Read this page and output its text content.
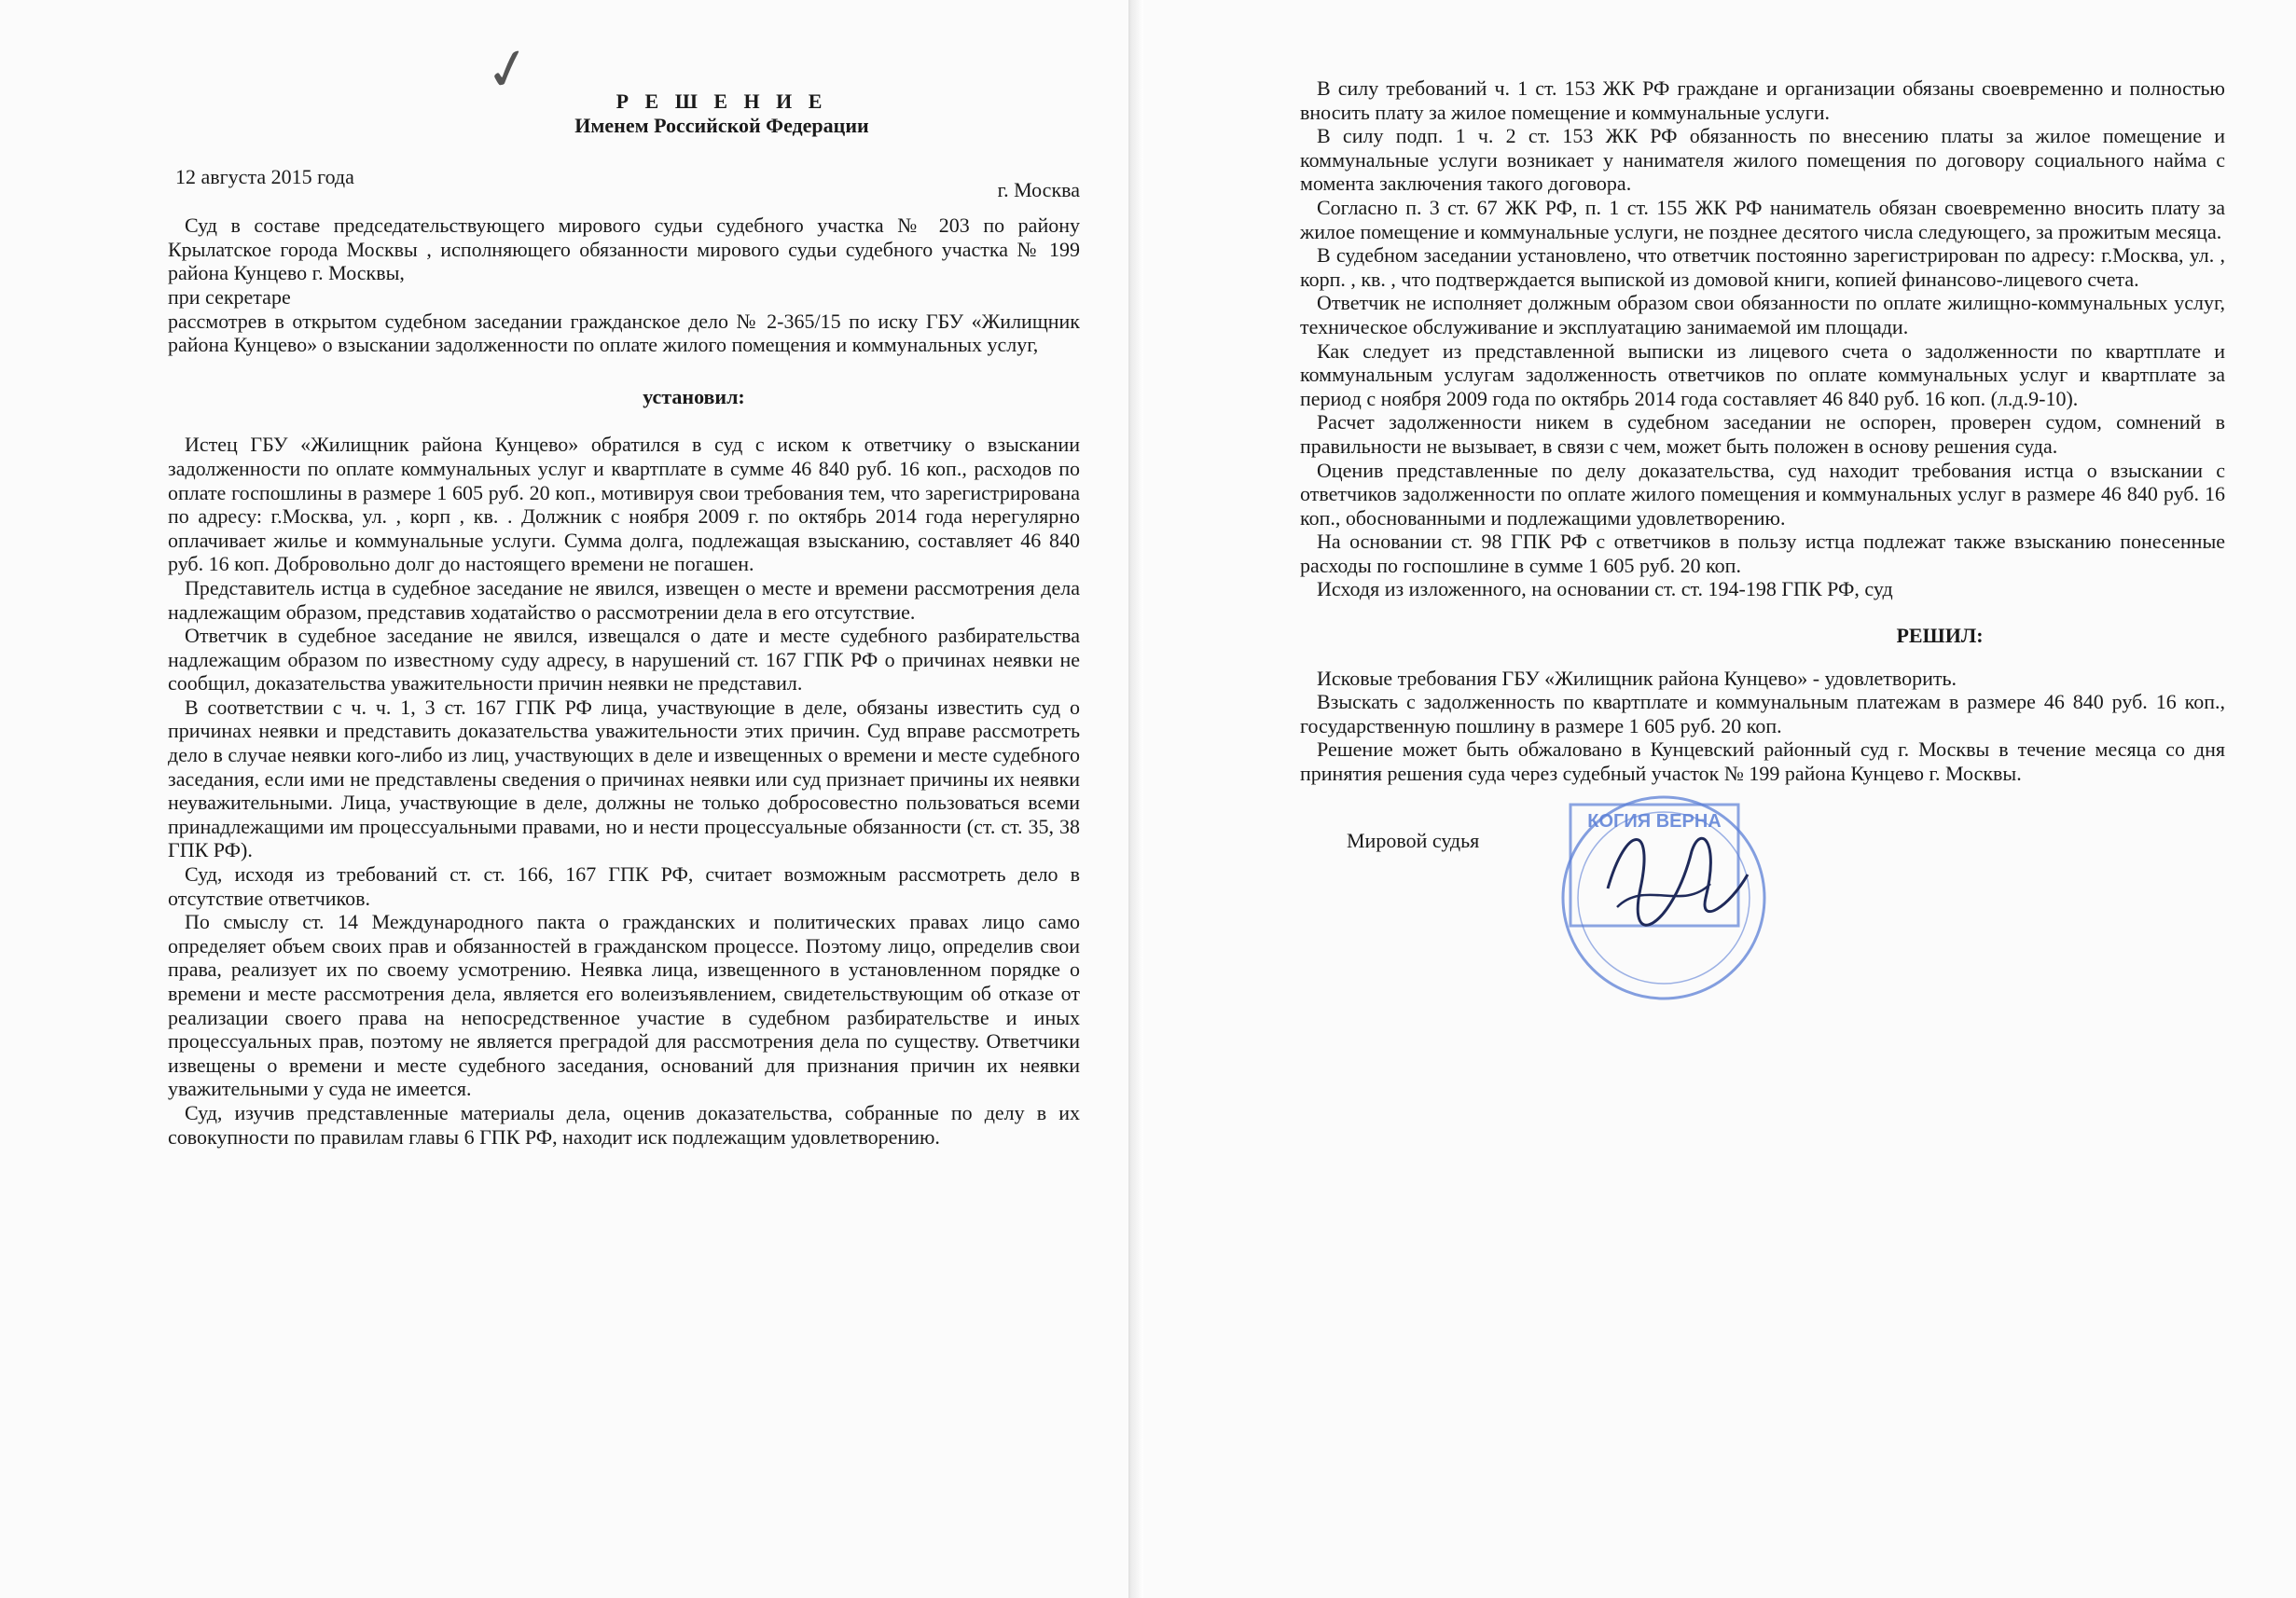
✓	Р Е Ш Е Н И Е

Именем Российской Федерации

12 августа 2015 года
г. Москва

Суд в составе председательствующего мирового судьи судебного участка № 203 по району Крылатское города Москвы , исполняющего обязанности мирового судьи судебного участка № 199 района Кунцево г. Москвы,

при секретаре

рассмотрев в открытом судебном заседании гражданское дело № 2-365/15 по иску ГБУ «Жилищник района Кунцево» о взыскании задолженности по оплате жилого помещения и коммунальных услуг,

установил:

Истец ГБУ «Жилищник района Кунцево» обратился в суд с иском к ответчику о взыскании задолженности по оплате коммунальных услуг и квартплате в сумме 46 840 руб. 16 коп., расходов по оплате госпошлины в размере 1 605 руб. 20 коп., мотивируя свои требования тем, что зарегистрирована по адресу: г.Москва, ул. , корп , кв. . Должник с ноября 2009 г. по октябрь 2014 года нерегулярно оплачивает жилье и коммунальные услуги. Сумма долга, подлежащая взысканию, составляет 46 840 руб. 16 коп. Добровольно долг до настоящего времени не погашен.

Представитель истца в судебное заседание не явился, извещен о месте и времени рассмотрения дела надлежащим образом, представив ходатайство о рассмотрении дела в его отсутствие.

Ответчик в судебное заседание не явился, извещался о дате и месте судебного разбирательства надлежащим образом по известному суду адресу, в нарушений ст. 167 ГПК РФ о причинах неявки не сообщил, доказательства уважительности причин неявки не представил.

В соответствии с ч. ч. 1, 3 ст. 167 ГПК РФ лица, участвующие в деле, обязаны известить суд о причинах неявки и представить доказательства уважительности этих причин. Суд вправе рассмотреть дело в случае неявки кого-либо из лиц, участвующих в деле и извещенных о времени и месте судебного заседания, если ими не представлены сведения о причинах неявки или суд признает причины их неявки неуважительными. Лица, участвующие в деле, должны не только добросовестно пользоваться всеми принадлежащими им процессуальными правами, но и нести процессуальные обязанности (ст. ст. 35, 38 ГПК РФ).

Суд, исходя из требований ст. ст. 166, 167 ГПК РФ, считает возможным рассмотреть дело в отсутствие ответчиков.

По смыслу ст. 14 Международного пакта о гражданских и политических правах лицо само определяет объем своих прав и обязанностей в гражданском процессе. Поэтому лицо, определив свои права, реализует их по своему усмотрению. Неявка лица, извещенного в установленном порядке о времени и месте рассмотрения дела, является его волеизъявлением, свидетельствующим об отказе от реализации своего права на непосредственное участие в судебном разбирательстве и иных процессуальных прав, поэтому не является преградой для рассмотрения дела по существу. Ответчики извещены о времени и месте судебного заседания, оснований для признания причин их неявки уважительными у суда не имеется.

Суд, изучив представленные материалы дела, оценив доказательства, собранные по делу в их совокупности по правилам главы 6 ГПК РФ, находит иск подлежащим удовлетворению.

В силу требований ч. 1 ст. 153 ЖК РФ граждане и организации обязаны своевременно и полностью вносить плату за жилое помещение и коммунальные услуги.

В силу подп. 1 ч. 2 ст. 153 ЖК РФ обязанность по внесению платы за жилое помещение и коммунальные услуги возникает у нанимателя жилого помещения по договору социального найма с момента заключения такого договора.

Согласно п. 3 ст. 67 ЖК РФ, п. 1 ст. 155 ЖК РФ наниматель обязан своевременно вносить плату за жилое помещение и коммунальные услуги, не позднее десятого числа следующего, за прожитым месяца.

В судебном заседании установлено, что ответчик постоянно зарегистрирован по адресу: г.Москва, ул. , корп. , кв. , что подтверждается выпиской из домовой книги, копией финансово-лицевого счета.

Ответчик не исполняет должным образом свои обязанности по оплате жилищно-коммунальных услуг, техническое обслуживание и эксплуатацию занимаемой им площади.

Как следует из представленной выписки из лицевого счета о задолженности по квартплате и коммунальным услугам задолженность ответчиков по оплате коммунальных услуг и квартплате за период с ноября 2009 года по октябрь 2014 года составляет 46 840 руб. 16 коп. (л.д.9-10).

Расчет задолженности никем в судебном заседании не оспорен, проверен судом, сомнений в правильности не вызывает, в связи с чем, может быть положен в основу решения суда.

Оценив представленные по делу доказательства, суд находит требования истца о взыскании с ответчиков задолженности по оплате жилого помещения и коммунальных услуг в размере 46 840 руб. 16 коп., обоснованными и подлежащими удовлетворению.

На основании ст. 98 ГПК РФ с ответчиков в пользу истца подлежат также взысканию понесенные расходы по госпошлине в сумме 1 605 руб. 20 коп.

Исходя из изложенного, на основании ст. ст. 194-198 ГПК РФ, суд

РЕШИЛ:

Исковые требования ГБУ «Жилищник района Кунцево» - удовлетворить.

Взыскать с задолженность по квартплате и коммунальным платежам в размере 46 840 руб. 16 коп., государственную пошлину в размере 1 605 руб. 20 коп.

Решение может быть обжаловано в Кунцевский районный суд г. Москвы в течение месяца со дня принятия решения суда через судебный участок № 199 района Кунцево г. Москвы.

Мировой судья
КОГИЯ ВЕРНА
